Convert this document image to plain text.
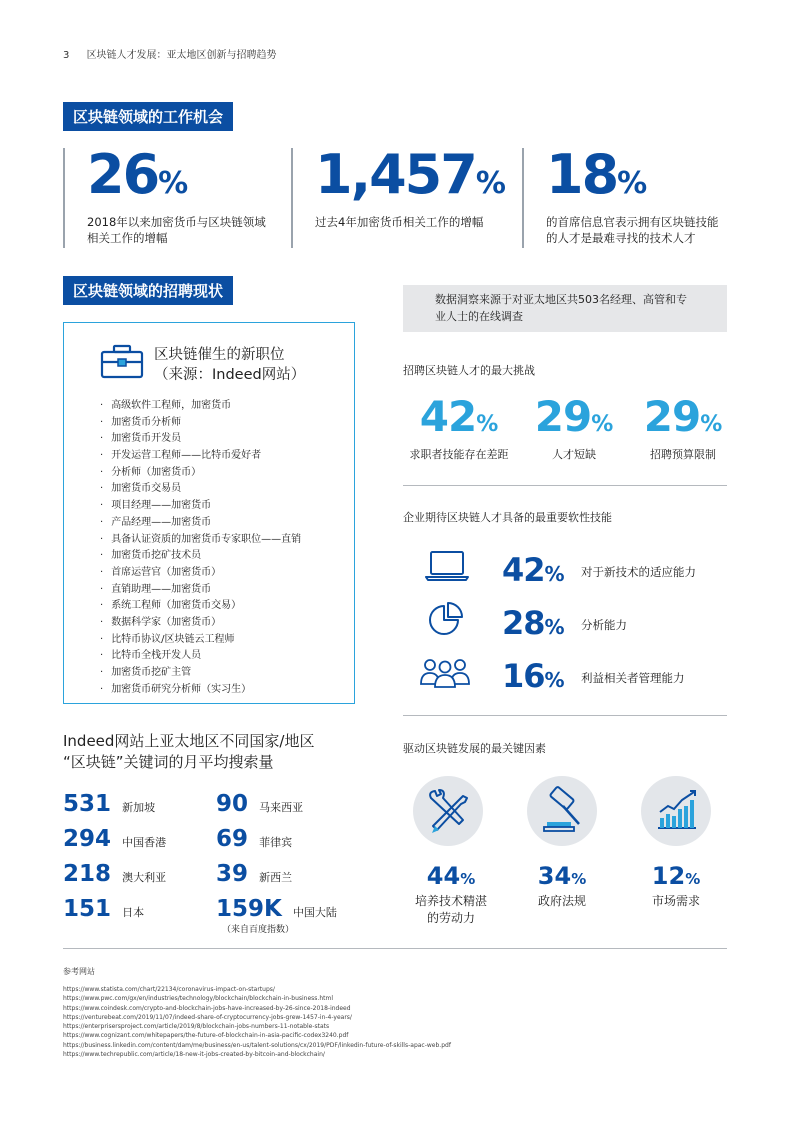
3 区块链人才发展：亚太地区创新与招聘趋势
区块链领域的工作机会
26%
2018年以来加密货币与区块链领域
相关工作的增幅
1,457%
过去4年加密货币相关工作的增幅
18%
的首席信息官表示拥有区块链技能
的人才是最难寻找的技术人才
区块链领域的招聘现状
区块链催生的新职位
（来源：Indeed网站）
· 高级软件工程师，加密货币
· 加密货币分析师
· 加密货币开发员
· 开发运营工程师——比特币爱好者
· 分析师（加密货币）
· 加密货币交易员
· 项目经理——加密货币
· 产品经理——加密货币
· 具备认证资质的加密货币专家职位——直销
· 加密货币挖矿技术员
· 首席运营官（加密货币）
· 直销助理——加密货币
· 系统工程师（加密货币交易）
· 数据科学家（加密货币）
· 比特币协议/区块链云工程师
· 比特币全栈开发人员
· 加密货币挖矿主管
· 加密货币研究分析师（实习生）
数据洞察来源于对亚太地区共503名经理、高管和专
业人士的在线调查
招聘区块链人才的最大挑战
42%
求职者技能存在差距
29%
人才短缺
29%
招聘预算限制
企业期待区块链人才具备的最重要软性技能
42% 对于新技术的适应能力
28% 分析能力
16% 利益相关者管理能力
Indeed网站上亚太地区不同国家/地区
“区块链”关键词的月平均搜索量
531 新加坡
294 中国香港
218 澳大利亚
151 日本
90 马来西亚
69 菲律宾
39 新西兰
159K 中国大陆
（来自百度指数）
驱动区块链发展的最关键因素
44%
培养技术精湛
的劳动力
34%
政府法规
12%
市场需求
参考网站
https://www.statista.com/chart/22134/coronavirus-impact-on-startups/
https://www.pwc.com/gx/en/industries/technology/blockchain/blockchain-in-business.html
https://www.coindesk.com/crypto-and-blockchain-jobs-have-increased-by-26-since-2018-indeed
https://venturebeat.com/2019/11/07/indeed-share-of-cryptocurrency-jobs-grew-1457-in-4-years/
https://enterprisersproject.com/article/2019/8/blockchain-jobs-numbers-11-notable-stats
https://www.cognizant.com/whitepapers/the-future-of-blockchain-in-asia-pacific-codex3240.pdf
https://business.linkedin.com/content/dam/me/business/en-us/talent-solutions/cx/2019/PDF/linkedin-future-of-skills-apac-web.pdf
https://www.techrepublic.com/article/18-new-it-jobs-created-by-bitcoin-and-blockchain/
